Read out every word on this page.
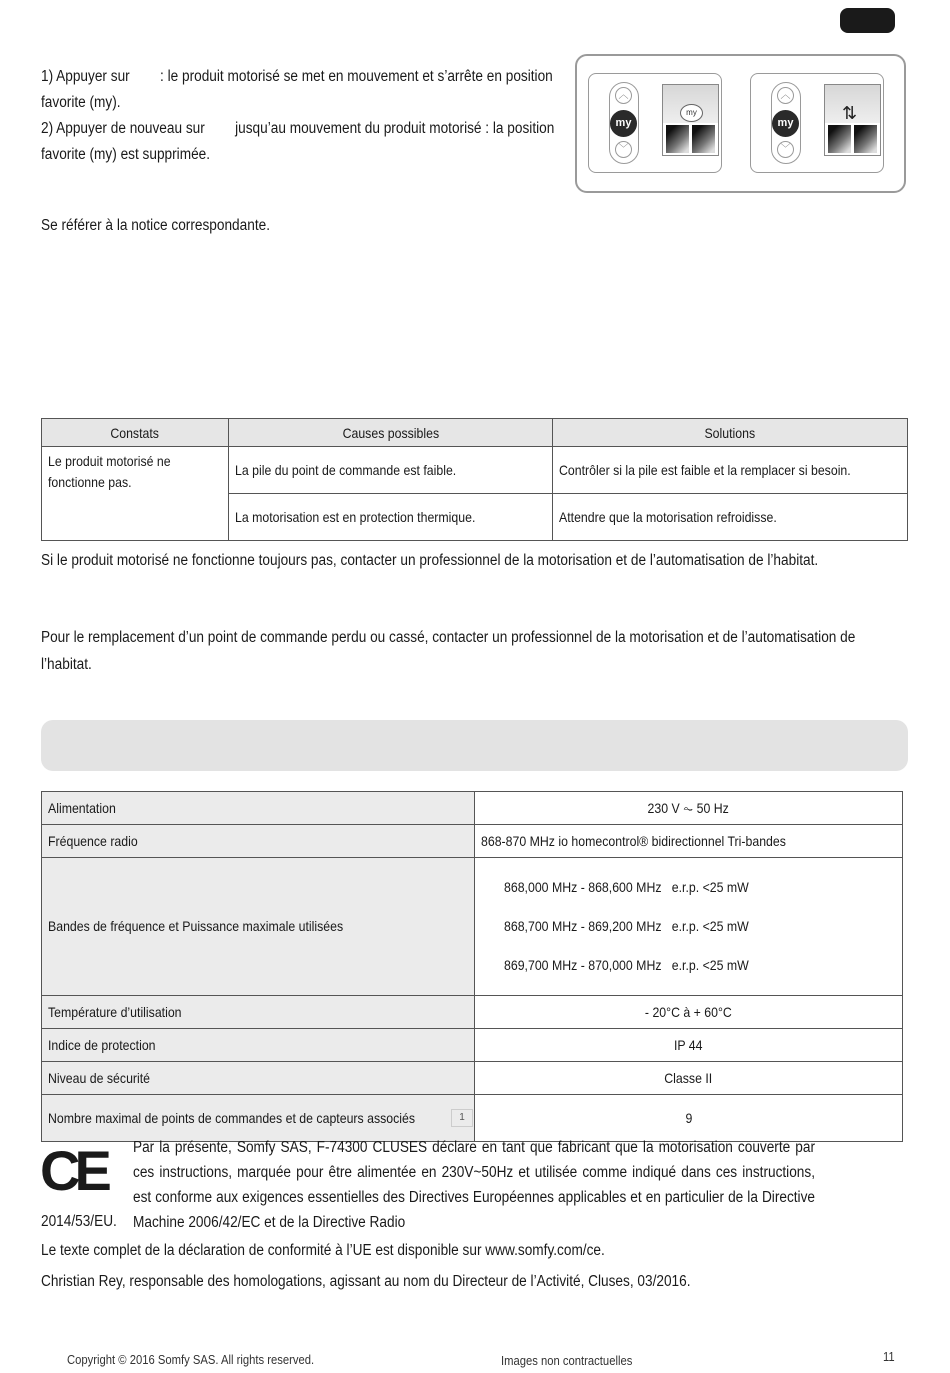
1) Appuyer sur        : le produit motorisé se met en mouvement et s’arrête en position

favorite (my).

2) Appuyer de nouveau sur        jusqu’au mouvement du produit motorisé : la position

favorite (my) est supprimée.

︿
my
﹀
my
︿
my
﹀
⇅
Se référer à la notice correspondante.
Constats	Causes possibles	Solutions
Le produit motorisé ne
fonctionne pas.	La pile du point de commande est faible.	Contrôler si la pile est faible et la remplacer si besoin.
	La motorisation est en protection thermique.	Attendre que la motorisation refroidisse.
Si le produit motorisé ne fonctionne toujours pas, contacter un professionnel de la motorisation et de l’automatisation de l’habitat.
Pour le remplacement d’un point de commande perdu ou cassé, contacter un professionnel de la motorisation et de l’automatisation de
l’habitat.
Alimentation	230 V ⏦ 50 Hz
Fréquence radio	868-870 MHz io homecontrol® bidirectionnel Tri-bandes
Bandes de fréquence et Puissance maximale utilisées	868,000 MHz - 868,600 MHz   e.r.p. <25 mW

868,700 MHz - 869,200 MHz   e.r.p. <25 mW

869,700 MHz - 870,000 MHz   e.r.p. <25 mW

Température d’utilisation	- 20°C à + 60°C
Indice de protection	IP 44
Niveau de sécurité	Classe II
Nombre maximal de points de commandes et de capteurs associés 1	9
CE Par la présente, Somfy SAS, F-74300 CLUSES déclare en tant que fabricant que la motorisation couverte par ces instructions, marquée pour être alimentée en 230V~50Hz et utilisée comme indiqué dans ces instructions, est conforme aux exigences essentielles des Directives Européennes applicables et en particulier de la Directive Machine 2006/42/EC et de la Directive Radio
2014/53/EU.
Le texte complet de la déclaration de conformité à l’UE est disponible sur www.somfy.com/ce.
Christian Rey, responsable des homologations, agissant au nom du Directeur de l’Activité, Cluses, 03/2016.
Copyright © 2016 Somfy SAS. All rights reserved.	Images non contractuelles	11
